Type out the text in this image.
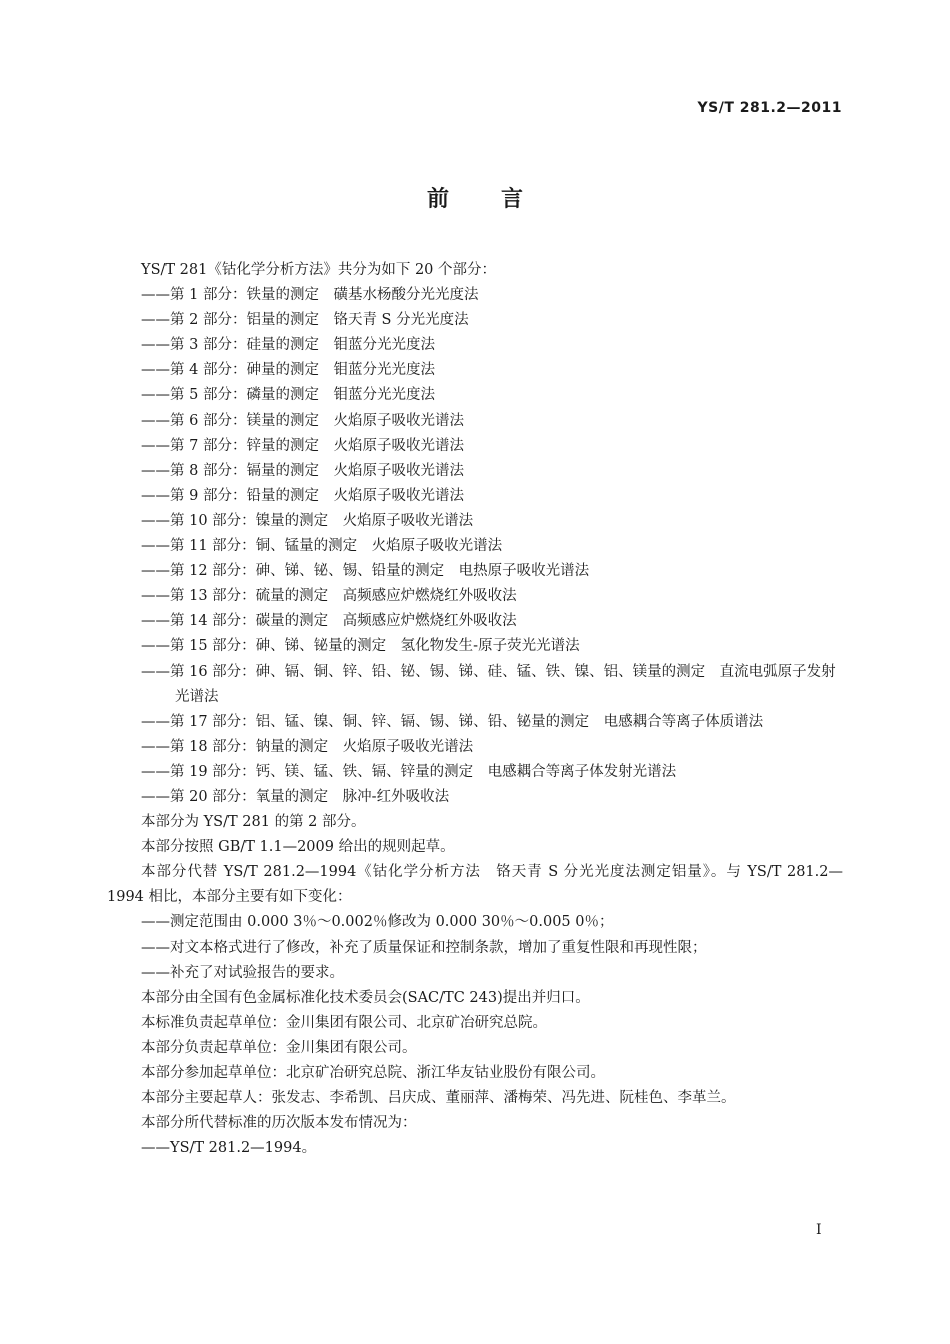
YS/T 281.2—2011
前言

YS/T 281《钴化学分析方法》共分为如下 20 个部分：

——第 1 部分：铁量的测定　磺基水杨酸分光光度法

——第 2 部分：铝量的测定　铬天青 S 分光光度法

——第 3 部分：硅量的测定　钼蓝分光光度法

——第 4 部分：砷量的测定　钼蓝分光光度法

——第 5 部分：磷量的测定　钼蓝分光光度法

——第 6 部分：镁量的测定　火焰原子吸收光谱法

——第 7 部分：锌量的测定　火焰原子吸收光谱法

——第 8 部分：镉量的测定　火焰原子吸收光谱法

——第 9 部分：铅量的测定　火焰原子吸收光谱法

——第 10 部分：镍量的测定　火焰原子吸收光谱法

——第 11 部分：铜、锰量的测定　火焰原子吸收光谱法

——第 12 部分：砷、锑、铋、锡、铅量的测定　电热原子吸收光谱法

——第 13 部分：硫量的测定　高频感应炉燃烧红外吸收法

——第 14 部分：碳量的测定　高频感应炉燃烧红外吸收法

——第 15 部分：砷、锑、铋量的测定　氢化物发生-原子荧光光谱法

——第 16 部分：砷、镉、铜、锌、铅、铋、锡、锑、硅、锰、铁、镍、铝、镁量的测定　直流电弧原子发射光谱法

——第 17 部分：铝、锰、镍、铜、锌、镉、锡、锑、铅、铋量的测定　电感耦合等离子体质谱法

——第 18 部分：钠量的测定　火焰原子吸收光谱法

——第 19 部分：钙、镁、锰、铁、镉、锌量的测定　电感耦合等离子体发射光谱法

——第 20 部分：氧量的测定　脉冲-红外吸收法

本部分为 YS/T 281 的第 2 部分。

本部分按照 GB/T 1.1—2009 给出的规则起草。

本部分代替 YS/T 281.2—1994《钴化学分析方法　铬天青 S 分光光度法测定铝量》。与 YS/T 281.2—1994 相比，本部分主要有如下变化：

——测定范围由 0.000 3％～0.002％修改为 0.000 30％～0.005 0％；

——对文本格式进行了修改，补充了质量保证和控制条款，增加了重复性限和再现性限；

——补充了对试验报告的要求。

本部分由全国有色金属标准化技术委员会(SAC/TC 243)提出并归口。

本标准负责起草单位：金川集团有限公司、北京矿冶研究总院。

本部分负责起草单位：金川集团有限公司。

本部分参加起草单位：北京矿冶研究总院、浙江华友钴业股份有限公司。

本部分主要起草人：张发志、李希凯、吕庆成、董丽萍、潘梅荣、冯先进、阮桂色、李革兰。

本部分所代替标准的历次版本发布情况为：

——YS/T 281.2—1994。

I
